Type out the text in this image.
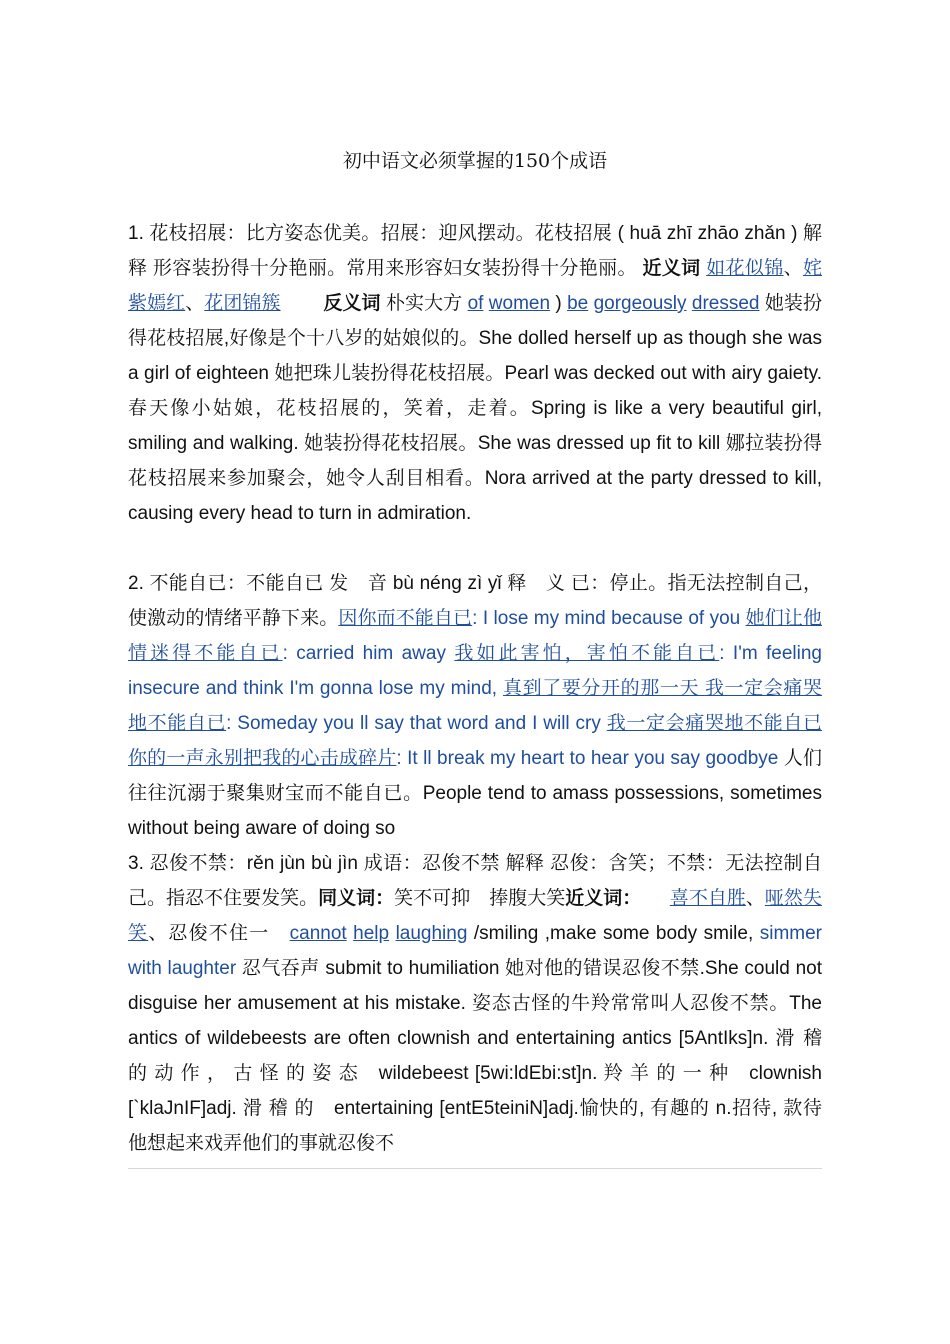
初中语文必须掌握的150个成语

1. 花枝招展：比方姿态优美。招展：迎风摆动。花枝招展 ( huā zhī zhāo zhǎn ) 解 释 形容装扮得十分艳丽。常用来形容妇女装扮得十分艳丽。 近义词 如花似锦、姹紫嫣红、花团锦簇 反义词 朴实大方 of women ) be gorgeously dressed 她装扮得花枝招展,好像是个十八岁的姑娘似的。She dolled herself up as though she was a girl of eighteen 她把珠儿装扮得花枝招展。Pearl was decked out with airy gaiety. 春天像小姑娘，花枝招展的，笑着，走着。Spring is like a very beautiful girl, smiling and walking. 她装扮得花枝招展。She was dressed up fit to kill 娜拉装扮得花枝招展来参加聚会，她令人刮目相看。Nora arrived at the party dressed to kill, causing every head to turn in admiration.

2. 不能自已：不能自已 发　音 bù néng zì yǐ 释　义 已：停止。指无法控制自己，使激动的情绪平静下来。因你而不能自已: I lose my mind because of you 她们让他情迷得不能自已: carried him away 我如此害怕，害怕不能自已: I'm feeling insecure and think I'm gonna lose my mind, 真到了要分开的那一天 我一定会痛哭地不能自已: Someday you ll say that word and I will cry 我一定会痛哭地不能自已 你的一声永别把我的心击成碎片: It ll break my heart to hear you say goodbye 人们往往沉溺于聚集财宝而不能自已。People tend to amass possessions, sometimes without being aware of doing so

3. 忍俊不禁：rěn jùn bù jìn 成语：忍俊不禁 解释 忍俊：含笑；不禁：无法控制自己。指忍不住要发笑。同义词：笑不可抑　捧腹大笑近义词：　　 喜不自胜、哑然失笑、忍俊不住一　cannot help laughing /smiling ,make some body smile, simmer with laughter 忍气吞声 submit to humiliation 她对他的错误忍俊不禁.She could not disguise her amusement at his mistake. 姿态古怪的牛羚常常叫人忍俊不禁。The antics of wildebeests are often clownish and entertaining antics [5AntIks]n. 滑 稽 的 动 作 ， 古 怪 的 姿 态　wildebeest [5wi:ldEbi:st]n. 羚 羊 的 一 种　clownish [`klaJnIF]adj. 滑 稽 的　entertaining [entE5teiniN]adj.愉快的, 有趣的 n.招待, 款待 他想起来戏弄他们的事就忍俊不
